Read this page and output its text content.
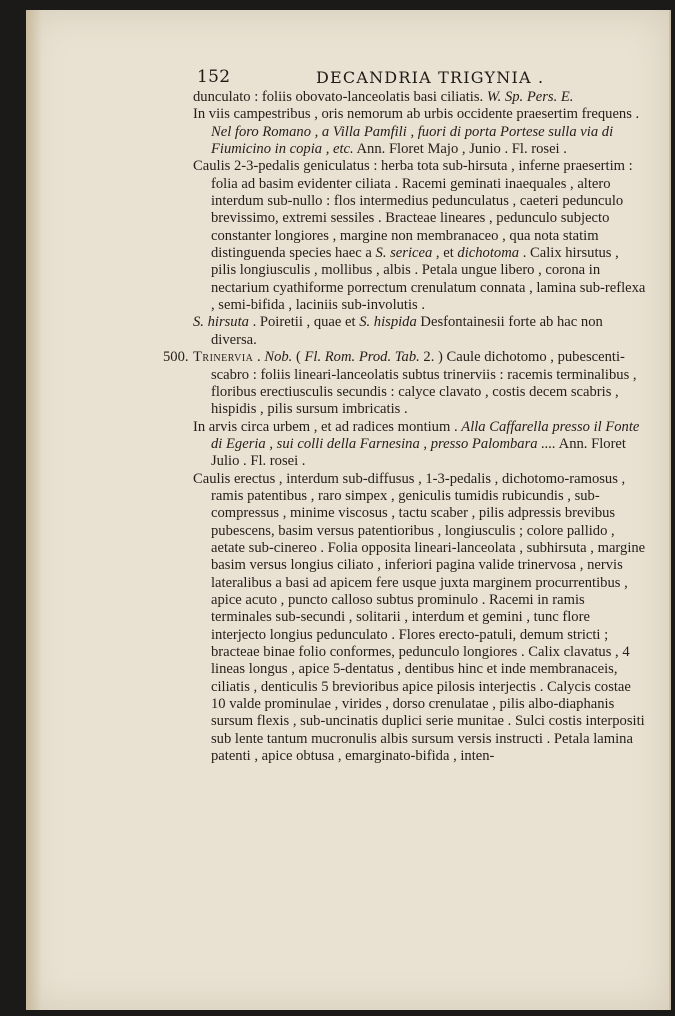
152	DECANDRIA TRIGYNIA .

dunculato : foliis obovato-lanceolatis basi ciliatis. W. Sp. Pers. E.

In viis campestribus , oris nemorum ab urbis occidente praesertim frequens . Nel foro Romano , a Villa Pamfili , fuori di porta Portese sulla via di Fiumicino in copia , etc. Ann. Floret Majo , Junio . Fl. rosei .

Caulis 2-3-pedalis geniculatus : herba tota sub-hirsuta , inferne praesertim : folia ad basim evidenter ciliata . Racemi geminati inaequales , altero interdum sub-nullo : flos intermedius pedunculatus , caeteri pedunculo brevissimo, extremi sessiles . Bracteae lineares , pedunculo subjecto constanter longiores , margine non membranaceo , qua nota statim distinguenda species haec a S. sericea , et dichotoma . Calix hirsutus , pilis longiusculis , mollibus , albis . Petala ungue libero , corona in nectarium cyathiforme porrectum crenulatum connata , lamina sub-reflexa , semi-bifida , laciniis sub-involutis .

S. hirsuta . Poiretii , quae et S. hispida Desfontainesii forte ab hac non diversa.

500. Trinervia . Nob. ( Fl. Rom. Prod. Tab. 2. ) Caule dichotomo , pubescenti-scabro : foliis lineari-lanceolatis subtus trinerviis : racemis terminalibus , floribus erectiusculis secundis : calyce clavato , costis decem scabris , hispidis , pilis sursum imbricatis .

In arvis circa urbem , et ad radices montium . Alla Caffarella presso il Fonte di Egeria , sui colli della Farnesina , presso Palombara .... Ann. Floret Julio . Fl. rosei .

Caulis erectus , interdum sub-diffusus , 1-3-pedalis , dichotomo-ramosus , ramis patentibus , raro simpex , geniculis tumidis rubicundis , sub-compressus , minime viscosus , tactu scaber , pilis adpressis brevibus pubescens, basim versus patentioribus , longiusculis ; colore pallido , aetate sub-cinereo . Folia opposita lineari-lanceolata , subhirsuta , margine basim versus longius ciliato , inferiori pagina valide trinervosa , nervis lateralibus a basi ad apicem fere usque juxta marginem procurrentibus , apice acuto , puncto calloso subtus prominulo . Racemi in ramis terminales sub-secundi , solitarii , interdum et gemini , tunc flore interjecto longius pedunculato . Flores erecto-patuli, demum stricti ; bracteae binae folio conformes, pedunculo longiores . Calix clavatus , 4 lineas longus , apice 5-dentatus , dentibus hinc et inde membranaceis, ciliatis , denticulis 5 brevioribus apice pilosis interjectis . Calycis costae 10 valde prominulae , virides , dorso crenulatae , pilis albo-diaphanis sursum flexis , sub-uncinatis duplici serie munitae . Sulci costis interpositi sub lente tantum mucronulis albis sursum versis instructi . Petala lamina patenti , apice obtusa , emarginato-bifida , inten-
